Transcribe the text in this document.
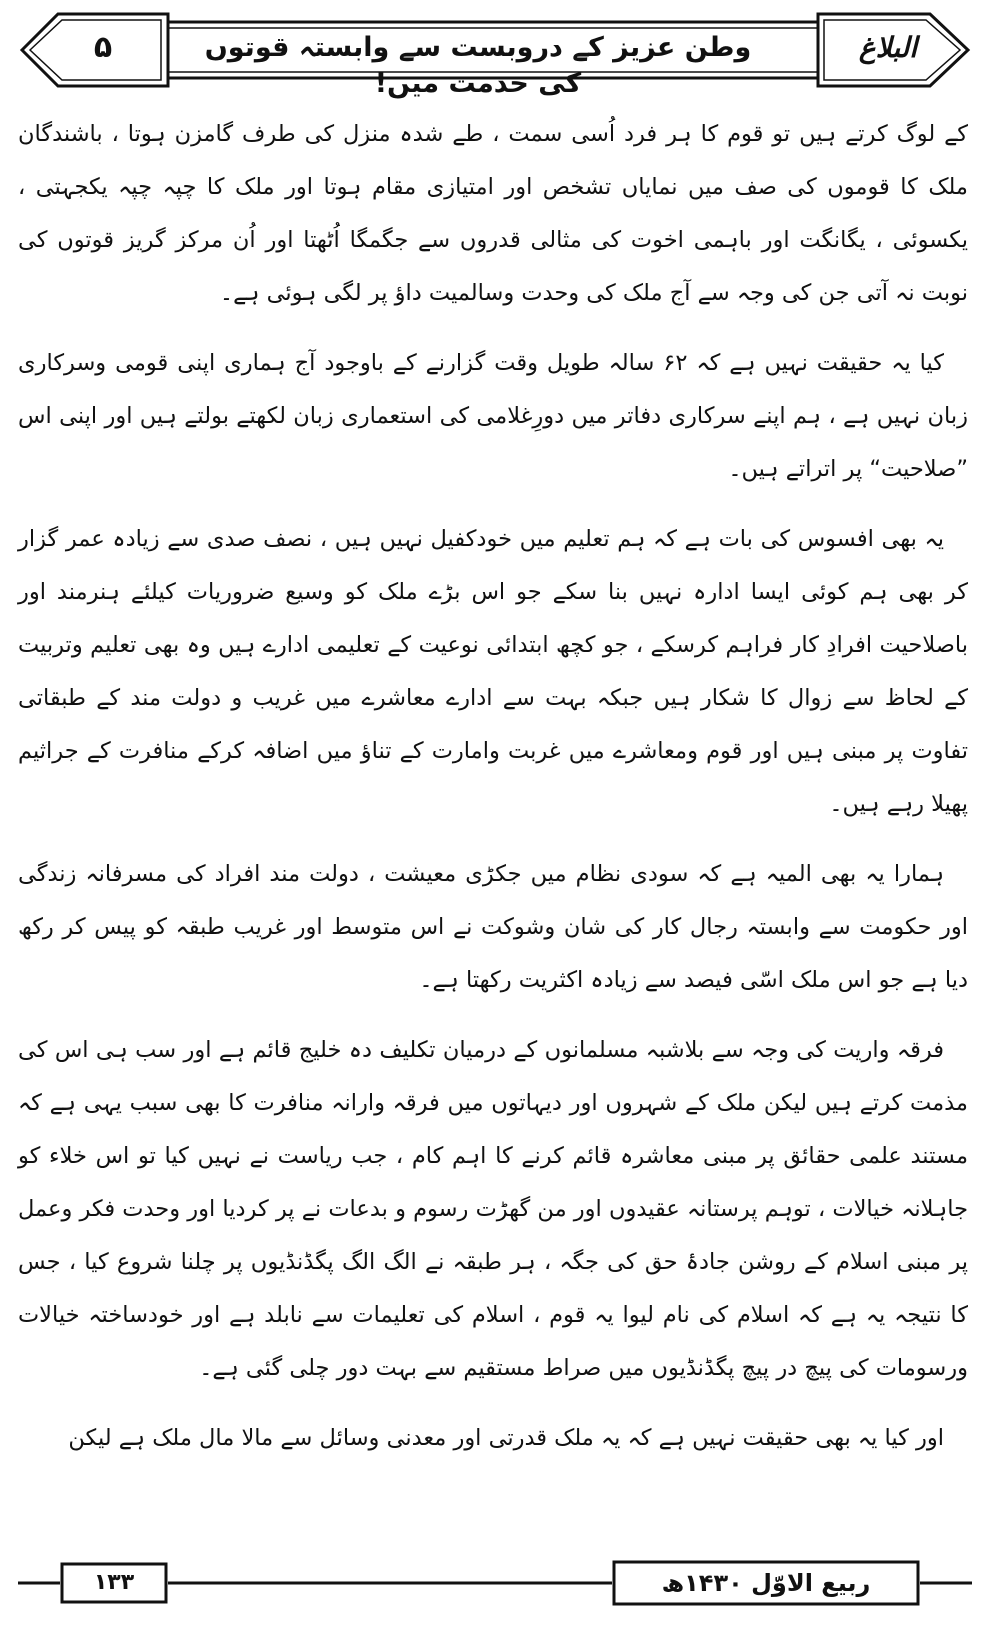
البلاغ
وطن عزیز کے دروبست سے وابستہ قوتوں کی خدمت میں!
۵

کے لوگ کرتے ہیں تو قوم کا ہر فرد اُسی سمت ، طے شدہ منزل کی طرف گامزن ہوتا ، باشندگان ملک کا قوموں کی صف میں نمایاں تشخص اور امتیازی مقام ہوتا اور ملک کا چپہ چپہ یکجہتی ، یکسوئی ، یگانگت اور باہمی اخوت کی مثالی قدروں سے جگمگا اُٹھتا اور اُن مرکز گریز قوتوں کی نوبت نہ آتی جن کی وجہ سے آج ملک کی وحدت وسالمیت داؤ پر لگی ہوئی ہے۔

کیا یہ حقیقت نہیں ہے کہ ۶۲ سالہ طویل وقت گزارنے کے باوجود آج ہماری اپنی قومی وسرکاری زبان نہیں ہے ، ہم اپنے سرکاری دفاتر میں دورِغلامی کی استعماری زبان لکھتے بولتے ہیں اور اپنی اس ”صلاحیت“ پر اتراتے ہیں۔

یہ بھی افسوس کی بات ہے کہ ہم تعلیم میں خودکفیل نہیں ہیں ، نصف صدی سے زیادہ عمر گزار کر بھی ہم کوئی ایسا ادارہ نہیں بنا سکے جو اس بڑے ملک کو وسیع ضروریات کیلئے ہنرمند اور باصلاحیت افرادِ کار فراہم کرسکے ، جو کچھ ابتدائی نوعیت کے تعلیمی ادارے ہیں وہ بھی تعلیم وتربیت کے لحاظ سے زوال کا شکار ہیں جبکہ بہت سے ادارے معاشرے میں غریب و دولت مند کے طبقاتی تفاوت پر مبنی ہیں اور قوم ومعاشرے میں غربت وامارت کے تناؤ میں اضافہ کرکے منافرت کے جراثیم پھیلا رہے ہیں۔

ہمارا یہ بھی المیہ ہے کہ سودی نظام میں جکڑی معیشت ، دولت مند افراد کی مسرفانہ زندگی اور حکومت سے وابستہ رجال کار کی شان وشوکت نے اس متوسط اور غریب طبقہ کو پیس کر رکھ دیا ہے جو اس ملک اسّی فیصد سے زیادہ اکثریت رکھتا ہے۔

فرقہ واریت کی وجہ سے بلاشبہ مسلمانوں کے درمیان تکلیف دہ خلیج قائم ہے اور سب ہی اس کی مذمت کرتے ہیں لیکن ملک کے شہروں اور دیہاتوں میں فرقہ وارانہ منافرت کا بھی سبب یہی ہے کہ مستند علمی حقائق پر مبنی معاشرہ قائم کرنے کا اہم کام ، جب ریاست نے نہیں کیا تو اس خلاء کو جاہلانہ خیالات ، توہم پرستانہ عقیدوں اور من گھڑت رسوم و بدعات نے پر کردیا اور وحدت فکر وعمل پر مبنی اسلام کے روشن جادۂ حق کی جگہ ، ہر طبقہ نے الگ الگ پگڈنڈیوں پر چلنا شروع کیا ، جس کا نتیجہ یہ ہے کہ اسلام کی نام لیوا یہ قوم ، اسلام کی تعلیمات سے نابلد ہے اور خودساختہ خیالات ورسومات کی پیچ در پیچ پگڈنڈیوں میں صراط مستقیم سے بہت دور چلی گئی ہے۔

اور کیا یہ بھی حقیقت نہیں ہے کہ یہ ملک قدرتی اور معدنی وسائل سے مالا مال ملک ہے لیکن

۱۳۳	ربیع الاوّل ۱۴۳۰ھ
